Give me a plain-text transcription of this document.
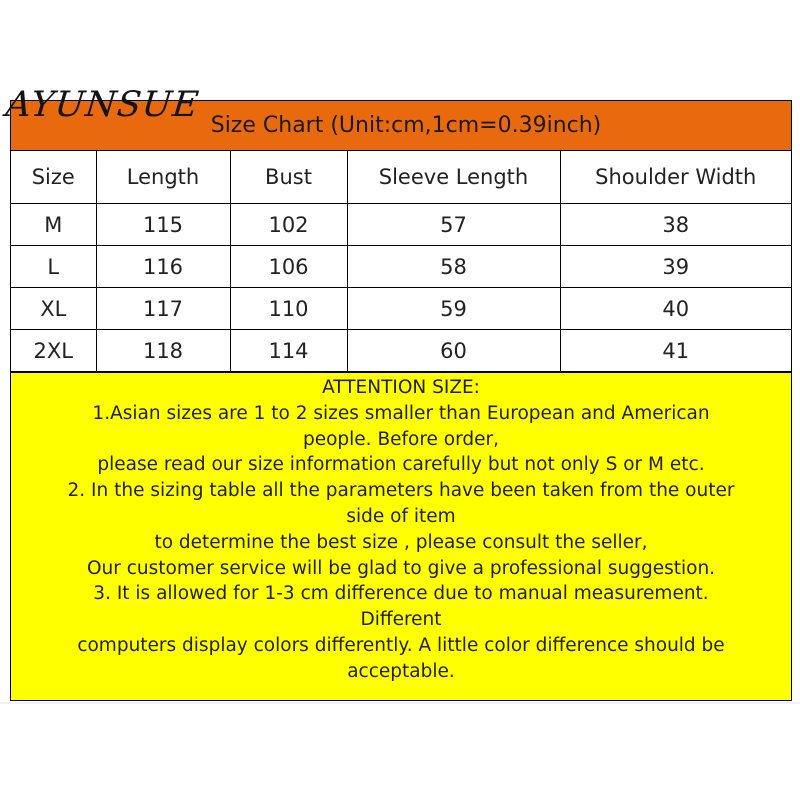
Size Chart (Unit:cm,1cm=0.39inch)
Size	Length	Bust	Sleeve Length	Shoulder Width
M	115	102	57	38
L	116	106	58	39
XL	117	110	59	40
2XL	118	114	60	41
ATTENTION SIZE:
1.Asian sizes are 1 to 2 sizes smaller than European and American
people. Before order,
please read our size information carefully but not only S or M etc.
2. In the sizing table all the parameters have been taken from the outer
side of item
to determine the best size , please consult the seller,
Our customer service will be glad to give a professional suggestion.
3. It is allowed for 1-3 cm difference due to manual measurement.
Different
computers display colors differently. A little color difference should be
acceptable.
AYUNSUE
